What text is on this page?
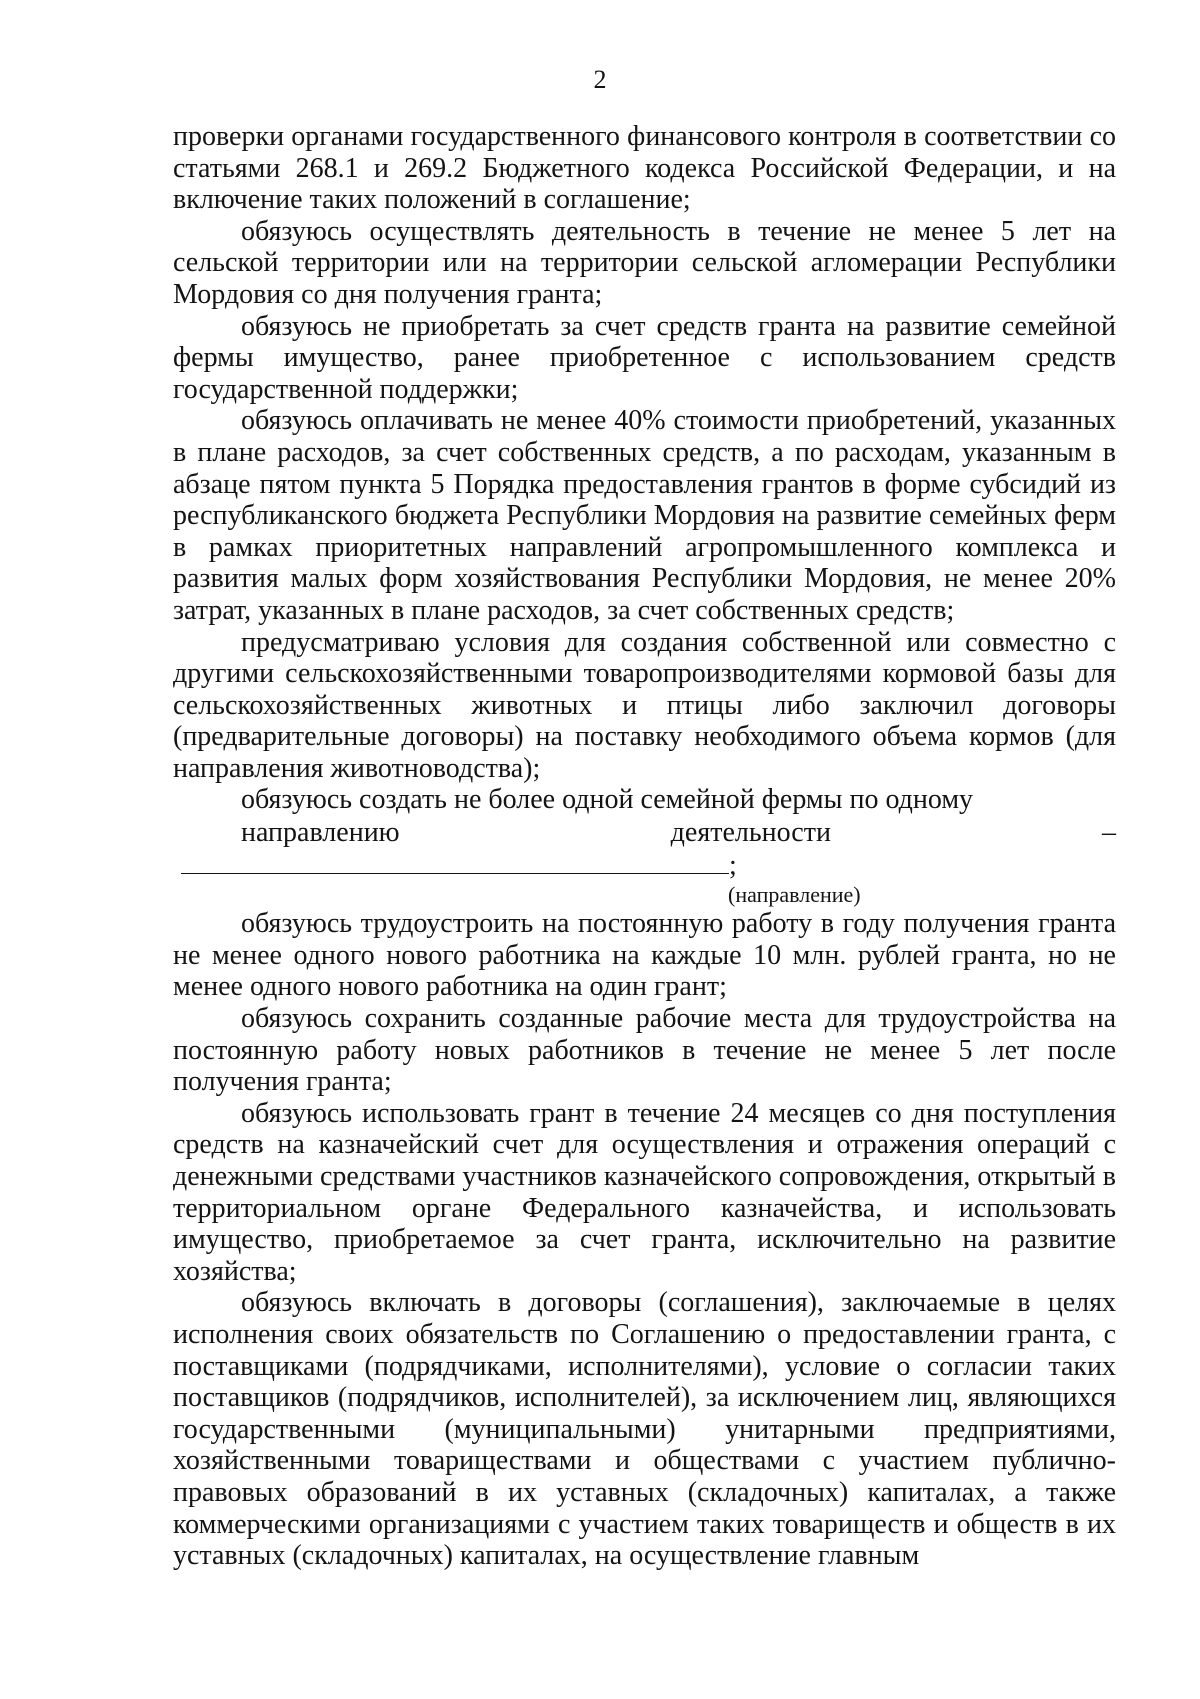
2

проверки органами государственного финансового контроля в соответствии со статьями 268.1 и 269.2 Бюджетного кодекса Российской Федерации, и на включение таких положений в соглашение;

обязуюсь осуществлять деятельность в течение не менее 5 лет на сельской территории или на территории сельской агломерации Республики Мордовия со дня получения гранта;

обязуюсь не приобретать за счет средств гранта на развитие семейной фермы имущество, ранее приобретенное с использованием средств государственной поддержки;

обязуюсь оплачивать не менее 40% стоимости приобретений, указанных в плане расходов, за счет собственных средств, а по расходам, указанным в абзаце пятом пункта 5 Порядка предоставления грантов в форме субсидий из республиканского бюджета Республики Мордовия на развитие семейных ферм в рамках приоритетных направлений агропромышленного комплекса и развития малых форм хозяйствования Республики Мордовия, не менее 20% затрат, указанных в плане расходов, за счет собственных средств;

предусматриваю условия для создания собственной или совместно с другими сельскохозяйственными товаропроизводителями кормовой базы для сельскохозяйственных животных и птицы либо заключил договоры (предварительные договоры) на поставку необходимого объема кормов (для направления животноводства);

обязуюсь создать не более одной семейной фермы по одному
направлению деятельности –;

(направление)

обязуюсь трудоустроить на постоянную работу в году получения гранта не менее одного нового работника на каждые 10 млн. рублей гранта, но не менее одного нового работника на один грант;

обязуюсь сохранить созданные рабочие места для трудоустройства на постоянную работу новых работников в течение не менее 5 лет после получения гранта;

обязуюсь использовать грант в течение 24 месяцев со дня поступления средств на казначейский счет для осуществления и отражения операций с денежными средствами участников казначейского сопровождения, открытый в территориальном органе Федерального казначейства, и использовать имущество, приобретаемое за счет гранта, исключительно на развитие хозяйства;

обязуюсь включать в договоры (соглашения), заключаемые в целях исполнения своих обязательств по Соглашению о предоставлении гранта, с поставщиками (подрядчиками, исполнителями), условие о согласии таких поставщиков (подрядчиков, исполнителей), за исключением лиц, являющихся государственными (муниципальными) унитарными предприятиями, хозяйственными товариществами и обществами с участием публично-правовых образований в их уставных (складочных) капиталах, а также коммерческими организациями с участием таких товариществ и обществ в их уставных (складочных) капиталах, на осуществление главным
